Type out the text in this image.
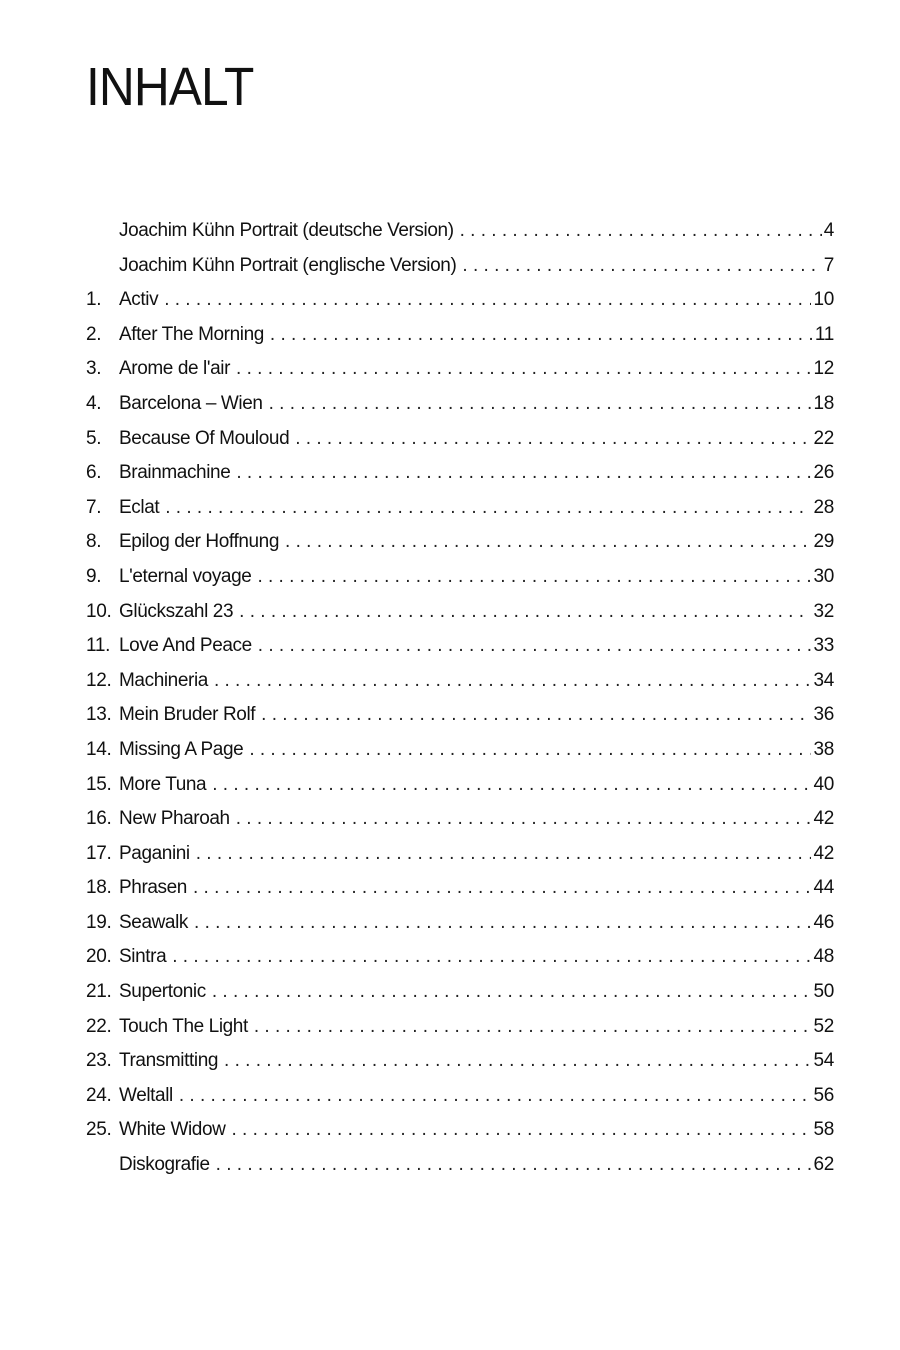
INHALT
Joachim Kühn Portrait (deutsche Version) . . .	4
Joachim Kühn Portrait (englische Version) . . .	7
1. Activ . . .	10
2. After The Morning . . .	11
3. Arome de l'air . . .	12
4. Barcelona – Wien . . .	18
5. Because Of Mouloud . . .	22
6. Brainmachine . . .	26
7. Eclat . . .	28
8. Epilog der Hoffnung . . .	29
9. L'eternal voyage . . .	30
10. Glückszahl 23 . . .	32
11. Love And Peace . . .	33
12. Machineria . . .	34
13. Mein Bruder Rolf . . .	36
14. Missing A Page . . .	38
15. More Tuna . . .	40
16. New Pharoah . . .	42
17. Paganini . . .	42
18. Phrasen . . .	44
19. Seawalk . . .	46
20. Sintra . . .	48
21. Supertonic . . .	50
22. Touch The Light . . .	52
23. Transmitting . . .	54
24. Weltall . . .	56
25. White Widow . . .	58
Diskografie . . .	62
